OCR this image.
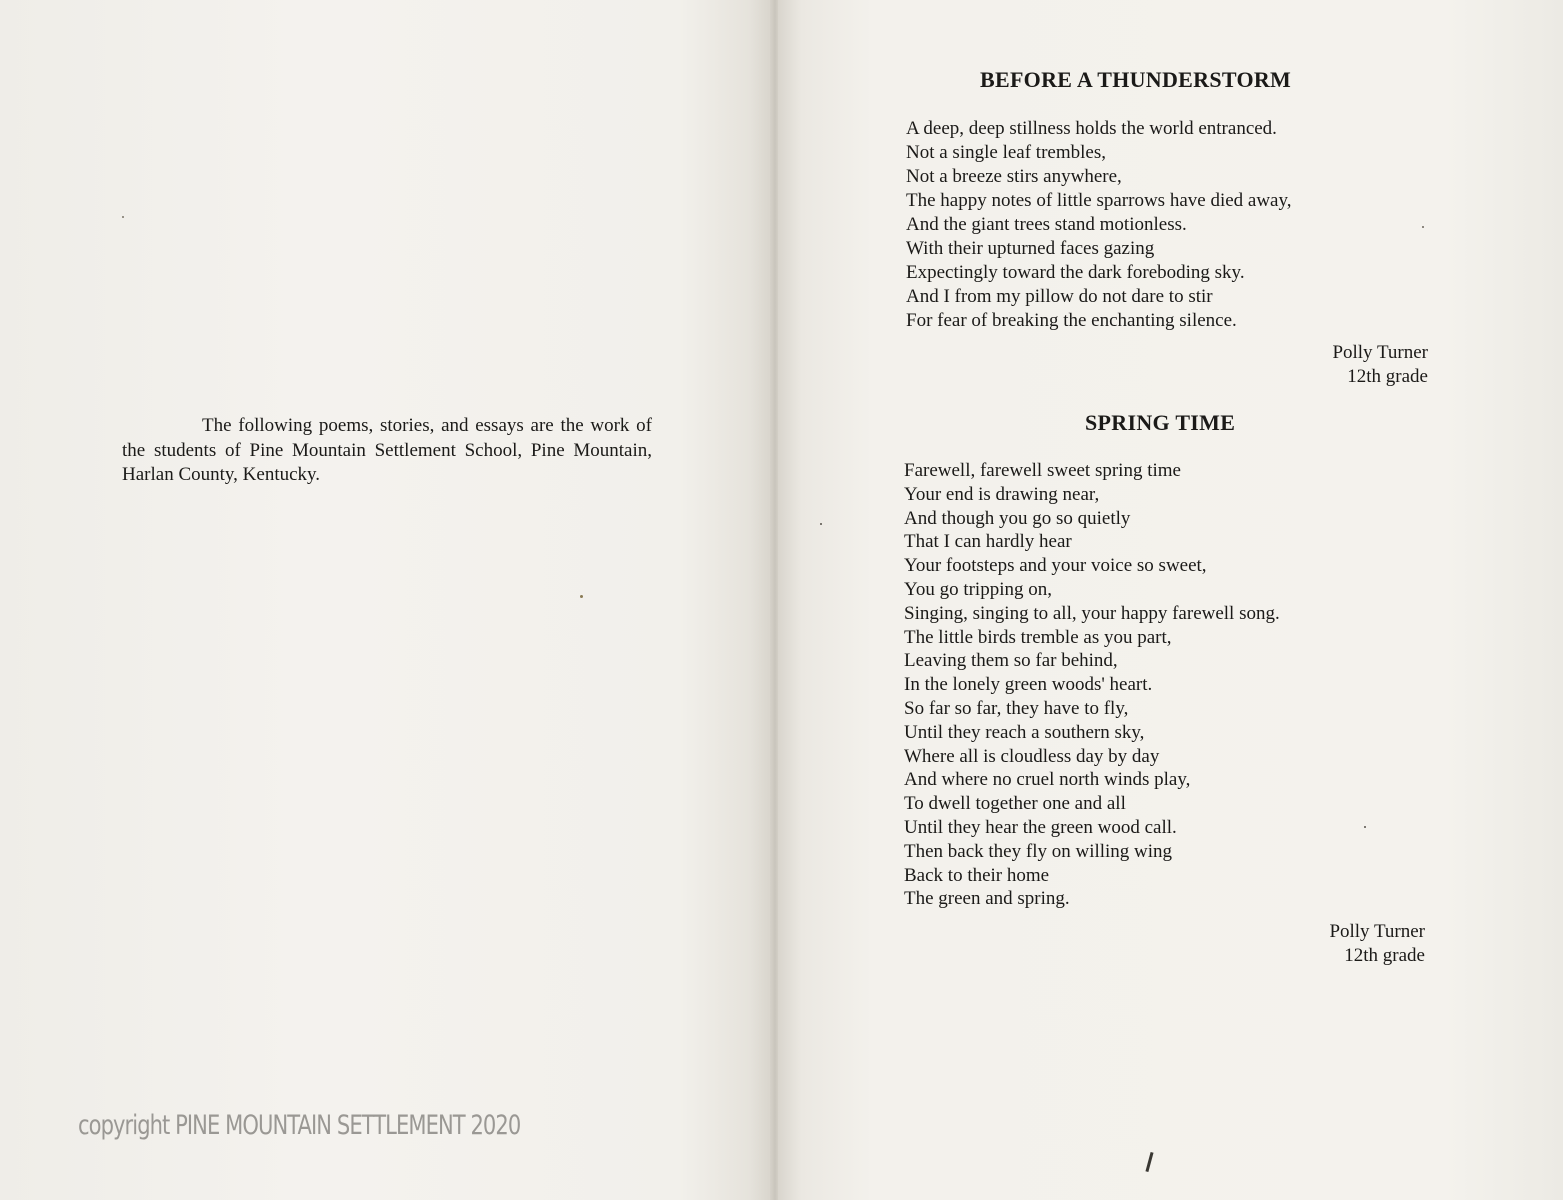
The following poems, stories, and essays are the work of the students of Pine Mountain Settlement School, Pine Mountain, Harlan County, Kentucky.

copyright PINE MOUNTAIN SETTLEMENT 2020
BEFORE A THUNDERSTORM
A deep, deep stillness holds the world entranced.
Not a single leaf trembles,
Not a breeze stirs anywhere,
The happy notes of little sparrows have died away,
And the giant trees stand motionless.
With their upturned faces gazing
Expectingly toward the dark foreboding sky.
And I from my pillow do not dare to stir
For fear of breaking the enchanting silence.
Polly Turner
12th grade
SPRING TIME
Farewell, farewell sweet spring time
Your end is drawing near,
And though you go so quietly
That I can hardly hear
Your footsteps and your voice so sweet,
You go tripping on,
Singing, singing to all, your happy farewell song.
The little birds tremble as you part,
Leaving them so far behind,
In the lonely green woods' heart.
So far so far, they have to fly,
Until they reach a southern sky,
Where all is cloudless day by day
And where no cruel north winds play,
To dwell together one and all
Until they hear the green wood call.
Then back they fly on willing wing
Back to their home
The green and spring.
Polly Turner
12th grade
